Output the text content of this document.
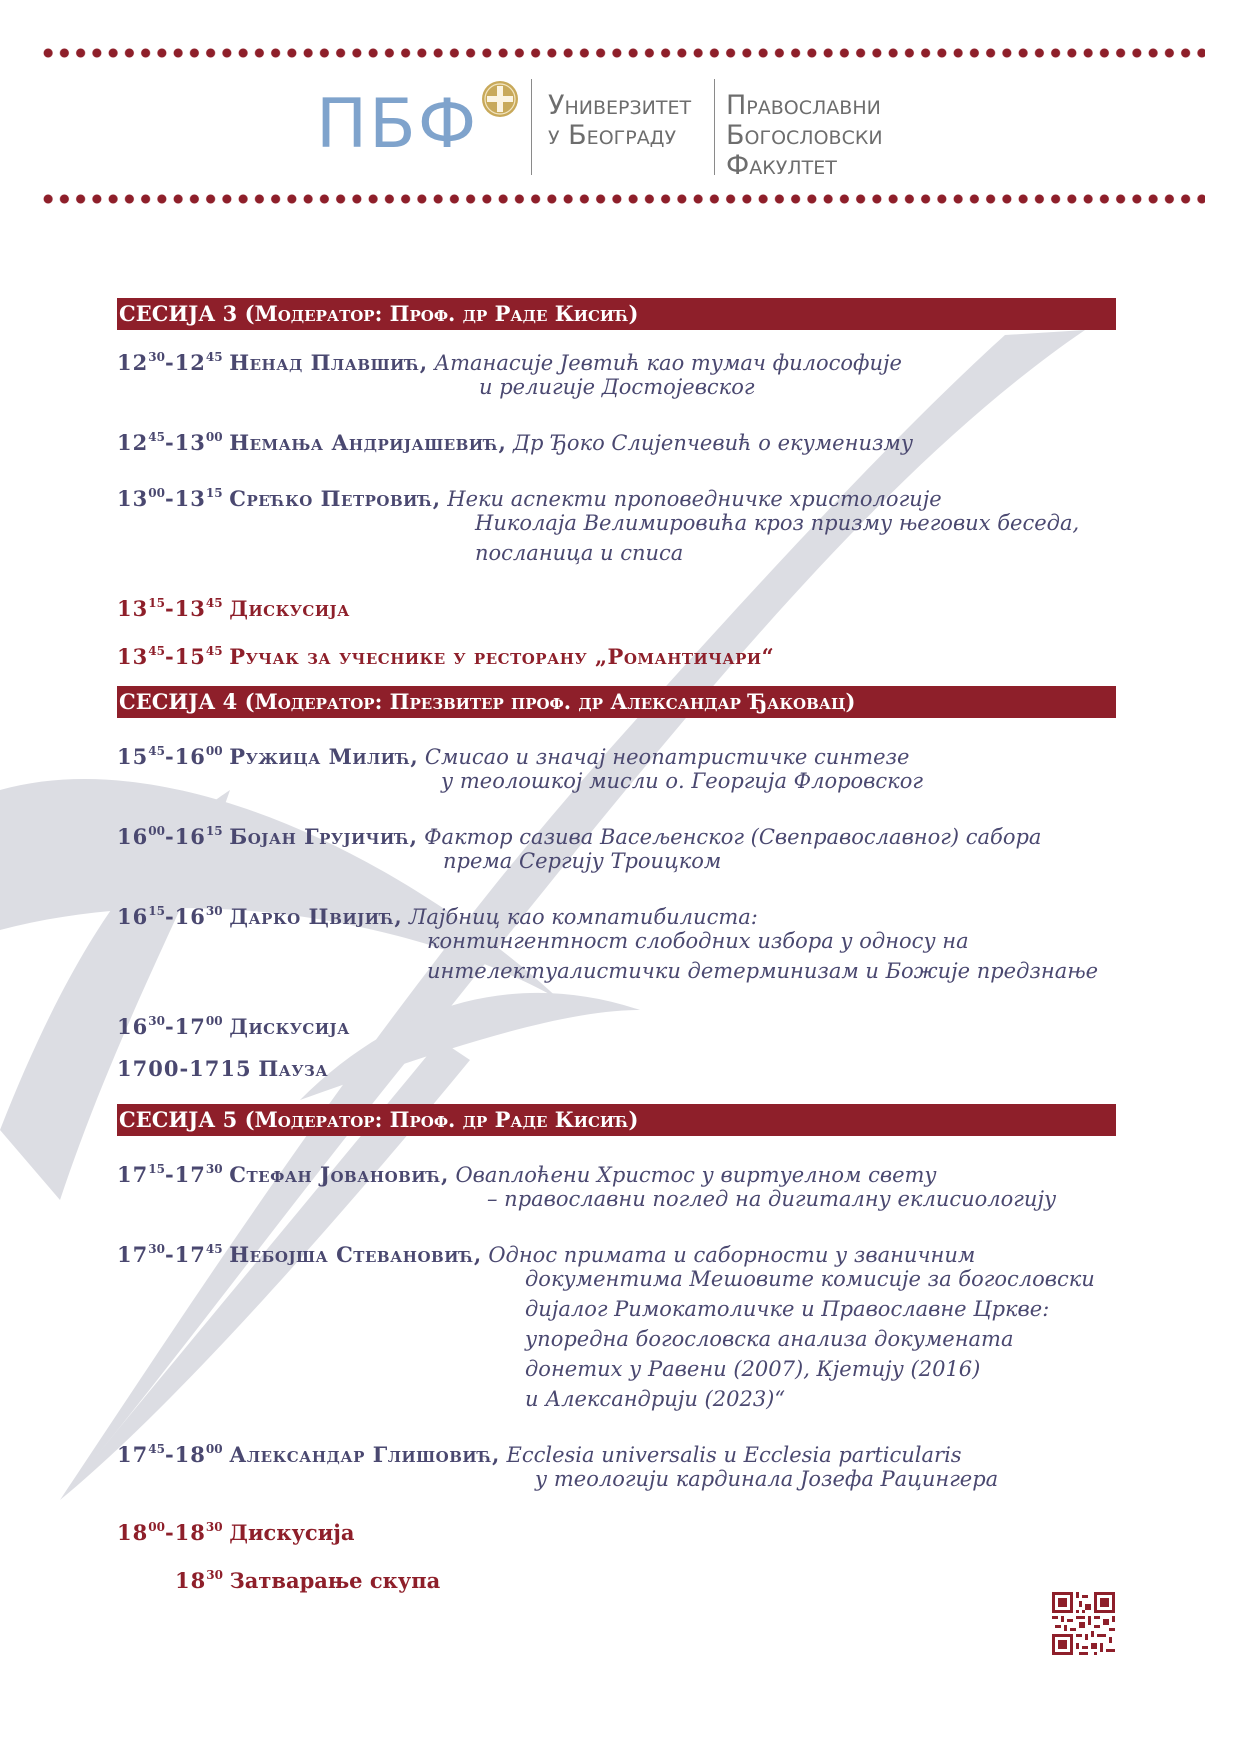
ПБФ	Универзитет
у Београду
Православни
Богословски
Факултет
СЕСИЈА 3 (Модератор: Проф. др Раде Кисић)
$12^{30}-12^{45}$ Ненад Плавшић, Атанасије Јевтић као тумач философије
и религије Достојевског
$12^{45}-13^{00}$ Немања Андријашевић, Др Ђоко Слијепчевић о екуменизму
$13^{00}-13^{15}$ Срећко Петровић, Неки аспекти проповедничке христологије
Николаја Велимировића кроз призму његових беседа,
посланица и списа
$13^{15}-13^{45}$ Дискусија
$13^{45}-15^{45}$ Ручак за учеснике у ресторану „Романтичари“
СЕСИЈА 4 (Модератор: Презвитер проф. др Александар Ђаковац)
$15^{45}-16^{00}$ Ружица Милић, Смисао и значај неопатристичке синтезе
у теолошкој мисли о. Георгија Флоровског
$16^{00}-16^{15}$ Бојан Грујичић, Фактор сазива Васељенског (Свеправославног) сабора
према Сергију Троицком
$16^{15}-16^{30}$ Дарко Цвијић, Лајбниц као компатибилиста:
контингентност слободних избора у односу на
интелектуалистички детерминизам и Божије предзнање
$16^{30}-17^{00}$ Дискусија
1700-1715 Пауза
СЕСИЈА 5 (Модератор: Проф. др Раде Кисић)
$17^{15}-17^{30}$ Стефан Јовановић, Оваплоћени Христос у виртуелном свету
– православни поглед на дигиталну еклисиологију
$17^{30}-17^{45}$ Небојша Стевановић, Однос примата и саборности у званичним
документима Мешовите комисије за богословски
дијалог Римокатоличке и Православне Цркве:
упоредна богословска анализа докумената
донетих у Равени (2007), Кјетију (2016)
и Александрији (2023)“
$17^{45}-18^{00}$ Александар Глишовић, Ecclesia universalis и Ecclesia particularis
у теологији кардинала Јозефа Рацингера
$18^{00}-18^{30}$ Дискусија
$18^{30}$ Затварање скупа
